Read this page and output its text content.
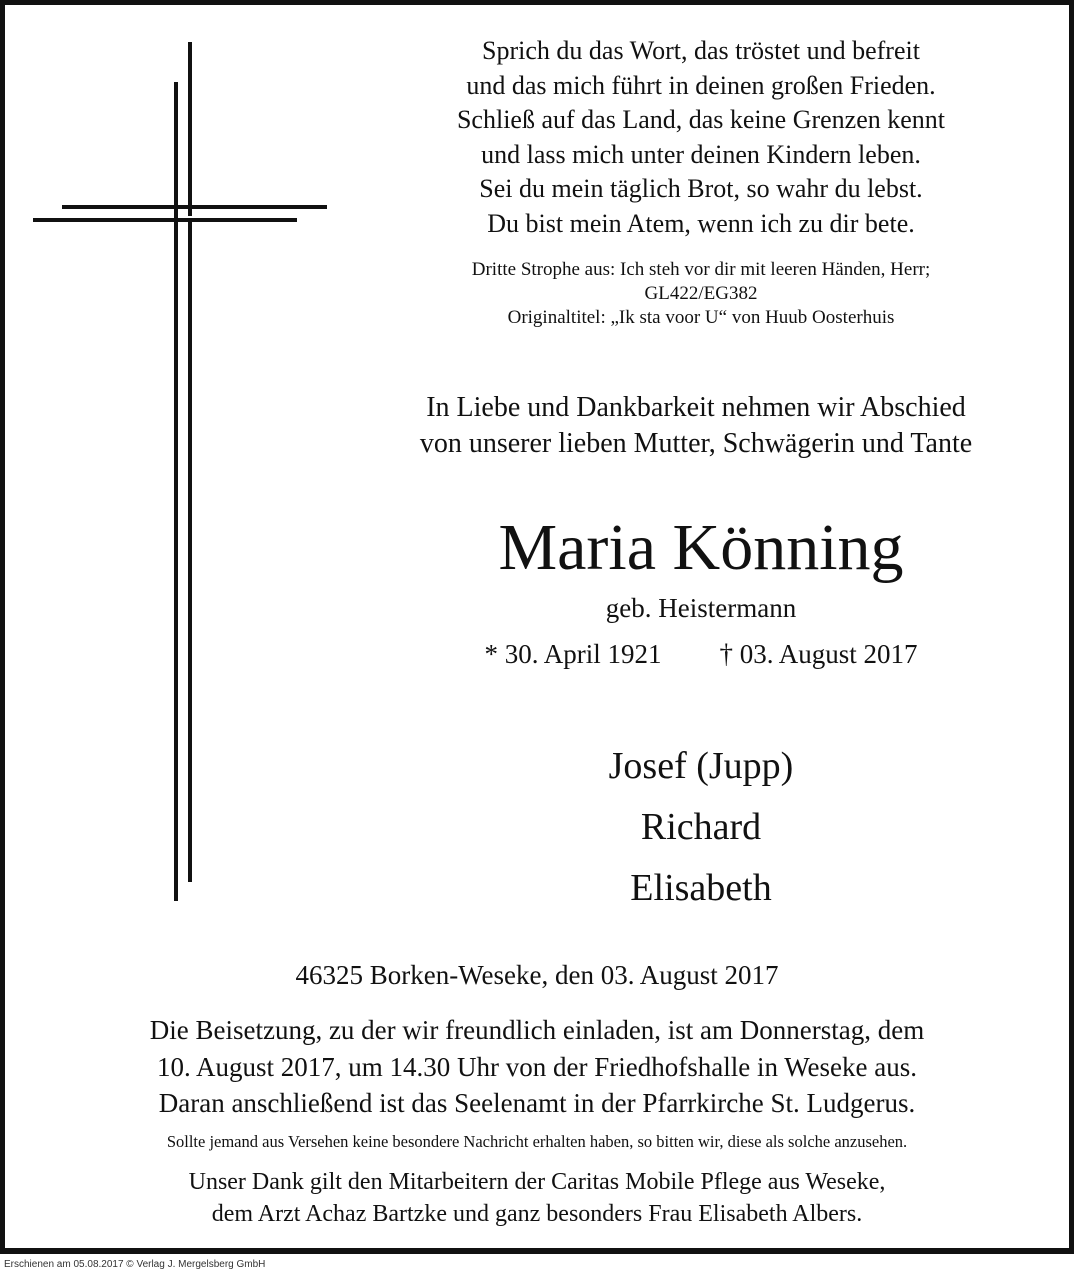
Sprich du das Wort, das tröstet und befreit
und das mich führt in deinen großen Frieden.
Schließ auf das Land, das keine Grenzen kennt
und lass mich unter deinen Kindern leben.
Sei du mein täglich Brot, so wahr du lebst.
Du bist mein Atem, wenn ich zu dir bete.
Dritte Strophe aus: Ich steh vor dir mit leeren Händen, Herr;
GL422/EG382
Originaltitel: „Ik sta voor U“ von Huub Oosterhuis
In Liebe und Dankbarkeit nehmen wir Abschied
von unserer lieben Mutter, Schwägerin und Tante
Maria Könning
geb. Heistermann
* 30. April 1921 † 03. August 2017
Josef (Jupp)
Richard
Elisabeth
46325 Borken-Weseke, den 03. August 2017
Die Beisetzung, zu der wir freundlich einladen, ist am Donnerstag, dem
10. August 2017, um 14.30 Uhr von der Friedhofshalle in Weseke aus.
Daran anschließend ist das Seelenamt in der Pfarrkirche St. Ludgerus.
Sollte jemand aus Versehen keine besondere Nachricht erhalten haben, so bitten wir, diese als solche anzusehen.
Unser Dank gilt den Mitarbeitern der Caritas Mobile Pflege aus Weseke,
dem Arzt Achaz Bartzke und ganz besonders Frau Elisabeth Albers.
Erschienen am 05.08.2017 © Verlag J. Mergelsberg GmbH
